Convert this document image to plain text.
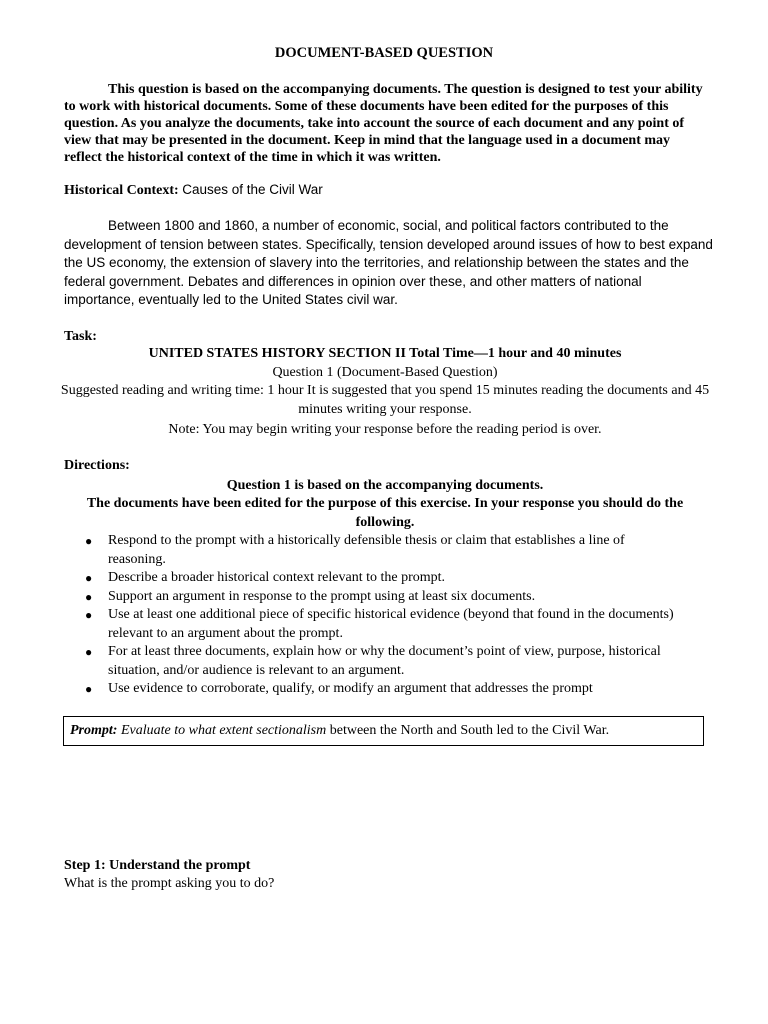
DOCUMENT-BASED QUESTION

This question is based on the accompanying documents. The question is designed to test your ability to work with historical documents. Some of these documents have been edited for the purposes of this question. As you analyze the documents, take into account the source of each document and any point of view that may be presented in the document. Keep in mind that the language used in a document may reflect the historical context of the time in which it was written.

Historical Context: Causes of the Civil War

Between 1800 and 1860, a number of economic, social, and political factors contributed to the development of tension between states. Specifically, tension developed around issues of how to best expand the US economy, the extension of slavery into the territories, and relationship between the states and the federal government. Debates and differences in opinion over these, and other matters of national importance, eventually led to the United States civil war.

Task:
UNITED STATES HISTORY SECTION II Total Time—1 hour and 40 minutes
Question 1 (Document-Based Question)
Suggested reading and writing time: 1 hour It is suggested that you spend 15 minutes reading the documents and 45 minutes writing your response.
Note: You may begin writing your response before the reading period is over.
Directions:
Question 1 is based on the accompanying documents.
The documents have been edited for the purpose of this exercise. In your response you should do the following.
● Respond to the prompt with a historically defensible thesis or claim that establishes a line of reasoning.
● Describe a broader historical context relevant to the prompt.
● Support an argument in response to the prompt using at least six documents.
● Use at least one additional piece of specific historical evidence (beyond that found in the documents) relevant to an argument about the prompt.
● For at least three documents, explain how or why the document’s point of view, purpose, historical situation, and/or audience is relevant to an argument.
● Use evidence to corroborate, qualify, or modify an argument that addresses the prompt
Prompt: Evaluate to what extent sectionalism between the North and South led to the Civil War.
Step 1: Understand the prompt
What is the prompt asking you to do?
